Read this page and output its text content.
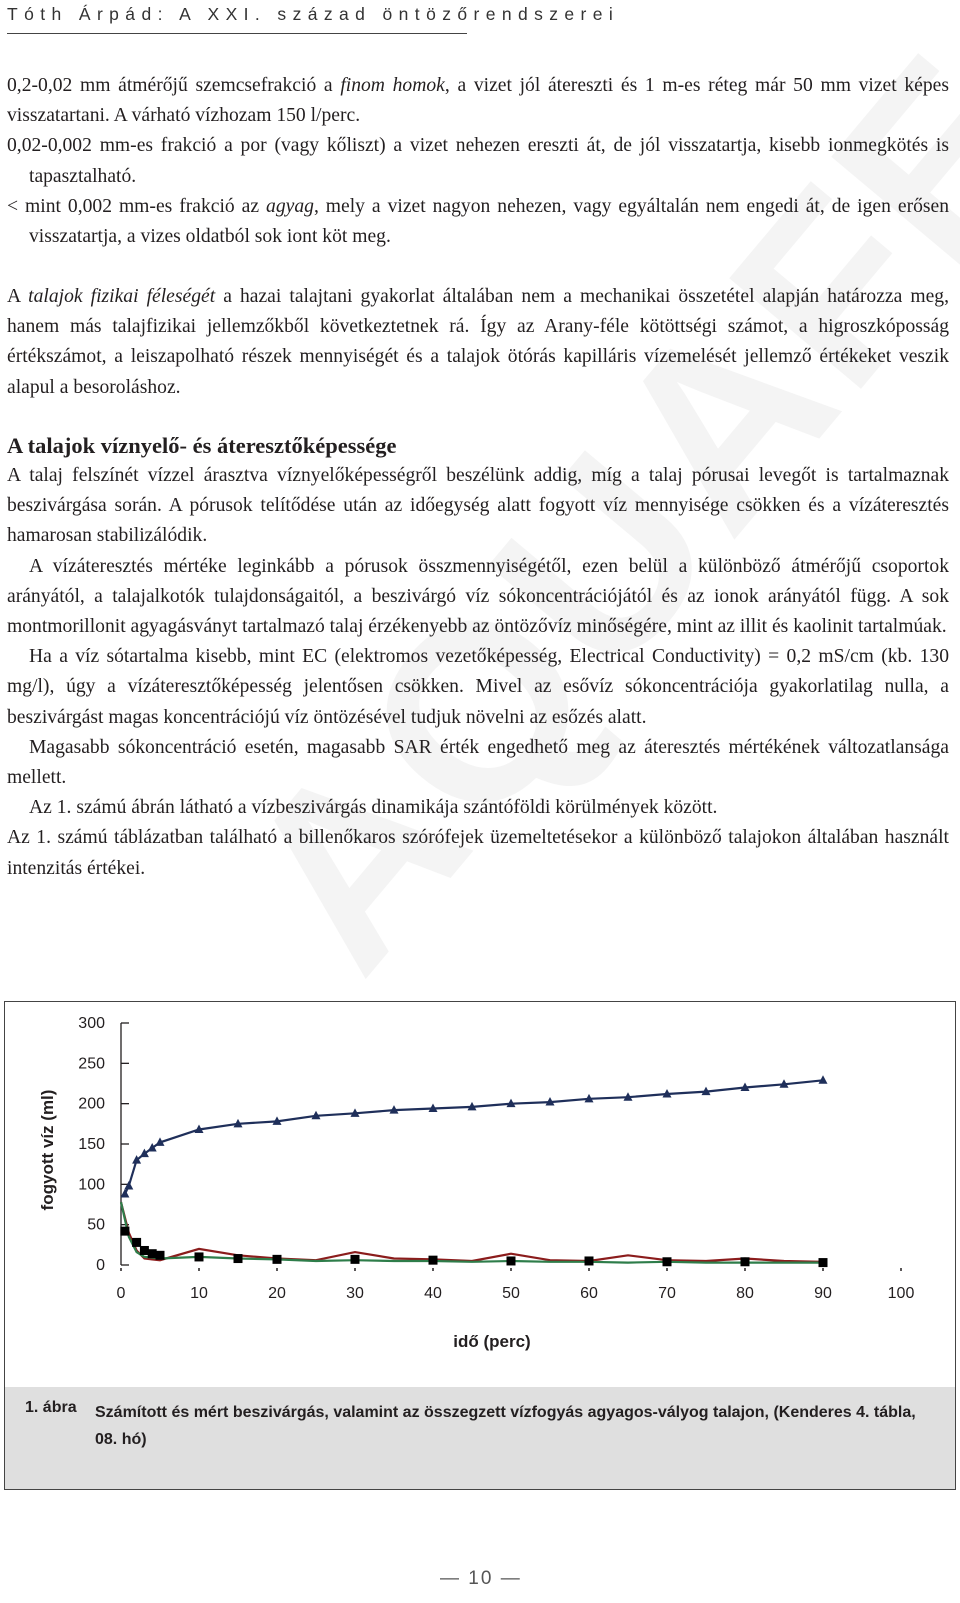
Tóth Árpád: A XXI. század öntözőrendszerei

0,2-0,02 mm átmérőjű szemcsefrakció a finom homok, a vizet jól átereszti és 1 m-es réteg már 50 mm vizet képes visszatartani. A várható vízhozam 150 l/perc.

0,02-0,002 mm-es frakció a por (vagy kőliszt) a vizet nehezen ereszti át, de jól visszatartja, kisebb ionmegkötés is tapasztalható.

< mint 0,002 mm-es frakció az agyag, mely a vizet nagyon nehezen, vagy egyáltalán nem engedi át, de igen erősen visszatartja, a vizes oldatból sok iont köt meg.

A talajok fizikai féleségét a hazai talajtani gyakorlat általában nem a mechanikai összetétel alapján határozza meg, hanem más talajfizikai jellemzőkből következtetnek rá. Így az Arany-féle kötöttségi számot, a higroszkóposság értékszámot, a leiszapolható részek mennyiségét és a talajok ötórás kapilláris vízemelését jellemző értékeket veszik alapul a besoroláshoz.

A talajok víznyelő- és áteresztőképessége

A talaj felszínét vízzel árasztva víznyelőképességről beszélünk addig, míg a talaj pórusai levegőt is tartalmaznak beszivárgása során. A pórusok telítődése után az időegység alatt fogyott víz mennyisége csökken és a vízáteresztés hamarosan stabilizálódik.

A vízáteresztés mértéke leginkább a pórusok összmennyiségétől, ezen belül a különböző átmérőjű csoportok arányától, a talajalkotók tulajdonságaitól, a beszivárgó víz sókoncentrációjától és az ionok arányától függ. A sok montmorillonit agyagásványt tartalmazó talaj érzékenyebb az öntözővíz minőségére, mint az illit és kaolinit tartalmúak.

Ha a víz sótartalma kisebb, mint EC (elektromos vezetőképesség, Electrical Conductivity) = 0,2 mS/cm (kb. 130 mg/l), úgy a vízáteresztőképesség jelentősen csökken. Mivel az esővíz sókoncentrációja gyakorlatilag nulla, a beszivárgást magas koncentrációjú víz öntözésével tudjuk növelni az esőzés alatt.

Magasabb sókoncentráció esetén, magasabb SAR érték engedhető meg az áteresztés mértékének változatlansága mellett.

Az 1. számú ábrán látható a vízbeszivárgás dinamikája szántóföldi körülmények között.

Az 1. számú táblázatban található a billenőkaros szórófejek üzemeltetésekor a különböző talajokon általában használt intenzitás értékei.

0
50
100
150
200
250
300
0	10	20	30	40	50	60	70	80	90	100
idő (perc)
fogyott víz (ml)
1. ábra	Számított és mért beszivárgás, valamint az összegzett vízfogyás agyagos-vályog talajon, (Kenderes 4. tábla, 08. hó)
— 10 —
